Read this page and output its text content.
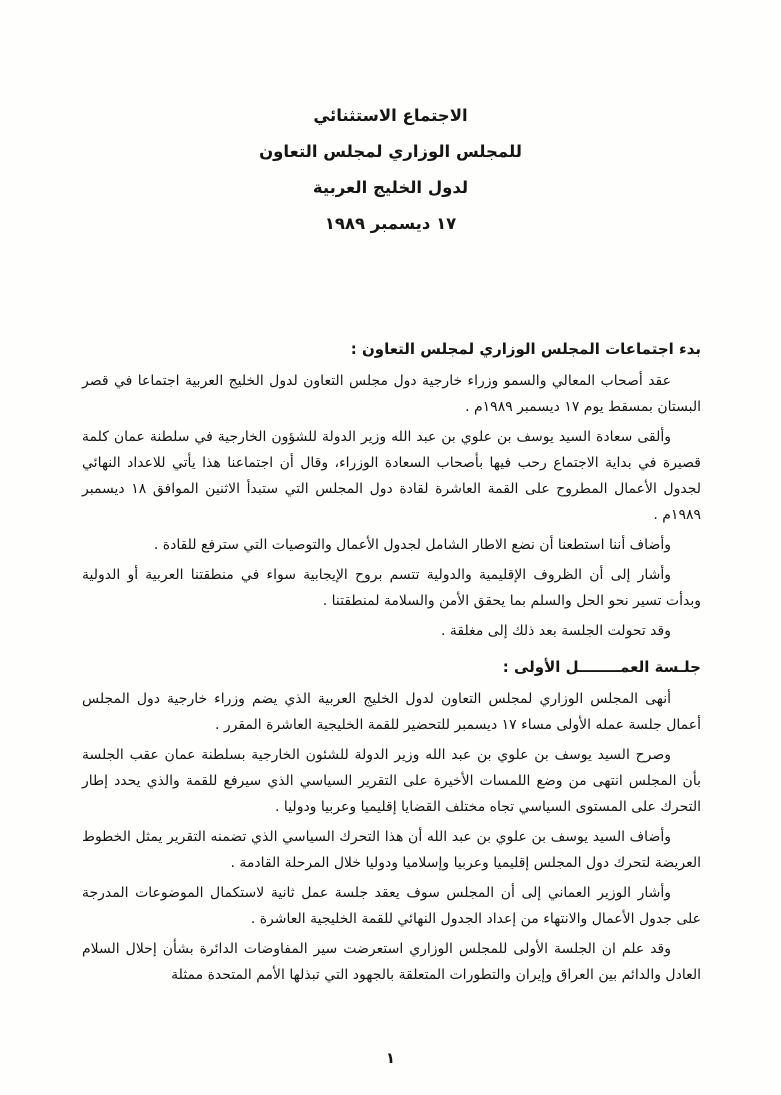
الاجتماع الاستثنائي
للمجلس الوزاري لمجلس التعاون
لدول الخليج العربية
١٧ ديسمبر ١٩٨٩
بدء اجتماعات المجلس الوزاري لمجلس التعاون :

عقد أصحاب المعالي والسمو وزراء خارجية دول مجلس التعاون لدول الخليج العربية اجتماعا في قصر البستان بمسقط يوم ١٧ ديسمبر ١٩٨٩م .

وألقى سعادة السيد يوسف بن علوي بن عبد الله وزير الدولة للشؤون الخارجية في سلطنة عمان كلمة قصيرة في بداية الاجتماع رحب فيها بأصحاب السعادة الوزراء، وقال أن اجتماعنا هذا يأتي للاعداد النهائي لجدول الأعمال المطروح على القمة العاشرة لقادة دول المجلس التي ستبدأ الاثنين الموافق ١٨ ديسمبر ١٩٨٩م .

وأضاف أننا استطعنا أن نضع الاطار الشامل لجدول الأعمال والتوصيات التي سترفع للقادة .

وأشار إلى أن الظروف الإقليمية والدولية تتسم بروح الإيجابية سواء في منطقتنا العربية أو الدولية وبدأت تسير نحو الحل والسلم بما يحقق الأمن والسلامة لمنطقتنا .

وقد تحولت الجلسة بعد ذلك إلى مغلقة .

جلـسة العمــــــــل الأولى :

أنهى المجلس الوزاري لمجلس التعاون لدول الخليج العربية الذي يضم وزراء خارجية دول المجلس أعمال جلسة عمله الأولى مساء ١٧ ديسمبر للتحضير للقمة الخليجية العاشرة المقرر .

وصرح السيد يوسف بن علوي بن عبد الله وزير الدولة للشئون الخارجية بسلطنة عمان عقب الجلسة بأن المجلس انتهى من وضع اللمسات الأخيرة على التقرير السياسي الذي سيرفع للقمة والذي يحدد إطار التحرك على المستوى السياسي تجاه مختلف القضايا إقليميا وعربيا ودوليا .

وأضاف السيد يوسف بن علوي بن عبد الله أن هذا التحرك السياسي الذي تضمنه التقرير يمثل الخطوط العريضة لتحرك دول المجلس إقليميا وعربيا وإسلاميا ودوليا خلال المرحلة القادمة .

وأشار الوزير العماني إلى أن المجلس سوف يعقد جلسة عمل ثانية لاستكمال الموضوعات المدرجة على جدول الأعمال والانتهاء من إعداد الجدول النهائي للقمة الخليجية العاشرة .

وقد علم ان الجلسة الأولى للمجلس الوزاري استعرضت سير المفاوضات الدائرة بشأن إحلال السلام العادل والدائم بين العراق وإيران والتطورات المتعلقة بالجهود التي تبذلها الأمم المتحدة ممثلة

١
